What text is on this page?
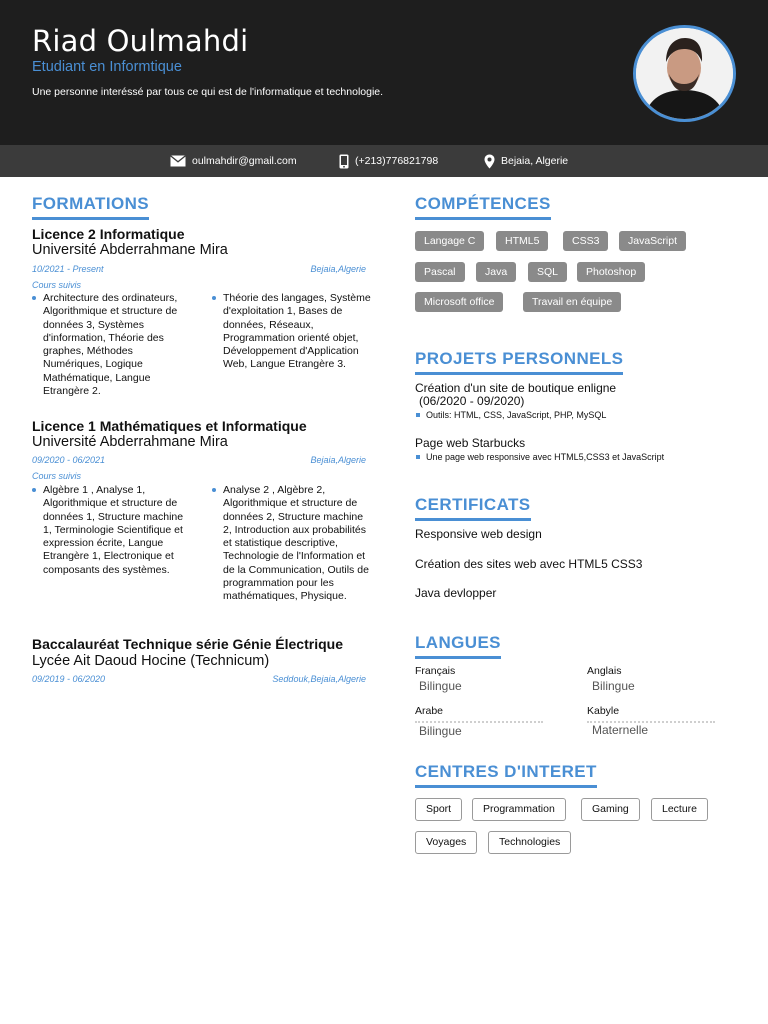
Riad Oulmahdi
Etudiant en Informtique
Une personne interéssé par tous ce qui est de l'informatique et technologie.
oulmahdir@gmail.com	(+213)776821798	Bejaia, Algerie
FORMATIONS
Licence 2 Informatique
Université Abderrahmane Mira
10/2021 - Present	Bejaia,Algerie
Cours suivis
Architecture des ordinateurs, Algorithmique et structure de données 3, Systèmes d'information, Théorie des graphes, Méthodes Numériques, Logique Mathématique, Langue Etrangère 2.
Théorie des langages, Système d'exploitation 1, Bases de données, Réseaux, Programmation orienté objet, Développement d'Application Web, Langue Etrangère 3.
Licence 1 Mathématiques et Informatique
Université Abderrahmane Mira
09/2020 - 06/2021	Bejaia,Algerie
Cours suivis
Algèbre 1 , Analyse 1, Algorithmique et structure de données 1, Structure machine 1, Terminologie Scientifique et expression écrite, Langue Etrangère 1, Electronique et composants des systèmes.
Analyse 2 , Algèbre 2, Algorithmique et structure de données 2, Structure machine 2, Introduction aux probabilités et statistique descriptive, Technologie de l'Information et de la Communication, Outils de programmation pour les mathématiques, Physique.
Baccalauréat Technique série Génie Électrique
Lycée Ait Daoud Hocine (Technicum)
09/2019 - 06/2020	Seddouk,Bejaia,Algerie
COMPÉTENCES
Langage C	HTML5	CSS3	JavaScript
Pascal	Java	SQL	Photoshop
Microsoft office	Travail en équipe
PROJETS PERSONNELS
Création d'un site de boutique enligne
(06/2020 - 09/2020)
Outils: HTML, CSS, JavaScript, PHP, MySQL
Page web Starbucks
Une page web responsive avec HTML5,CSS3 et JavaScript
CERTIFICATS
Responsive web design
Création des sites web avec HTML5 CSS3
Java devlopper
LANGUES
Français
Bilingue
Anglais
Bilingue
Arabe
Bilingue
Kabyle
Maternelle
CENTRES D'INTERET
Sport	Programmation	Gaming	Lecture
Voyages	Technologies
